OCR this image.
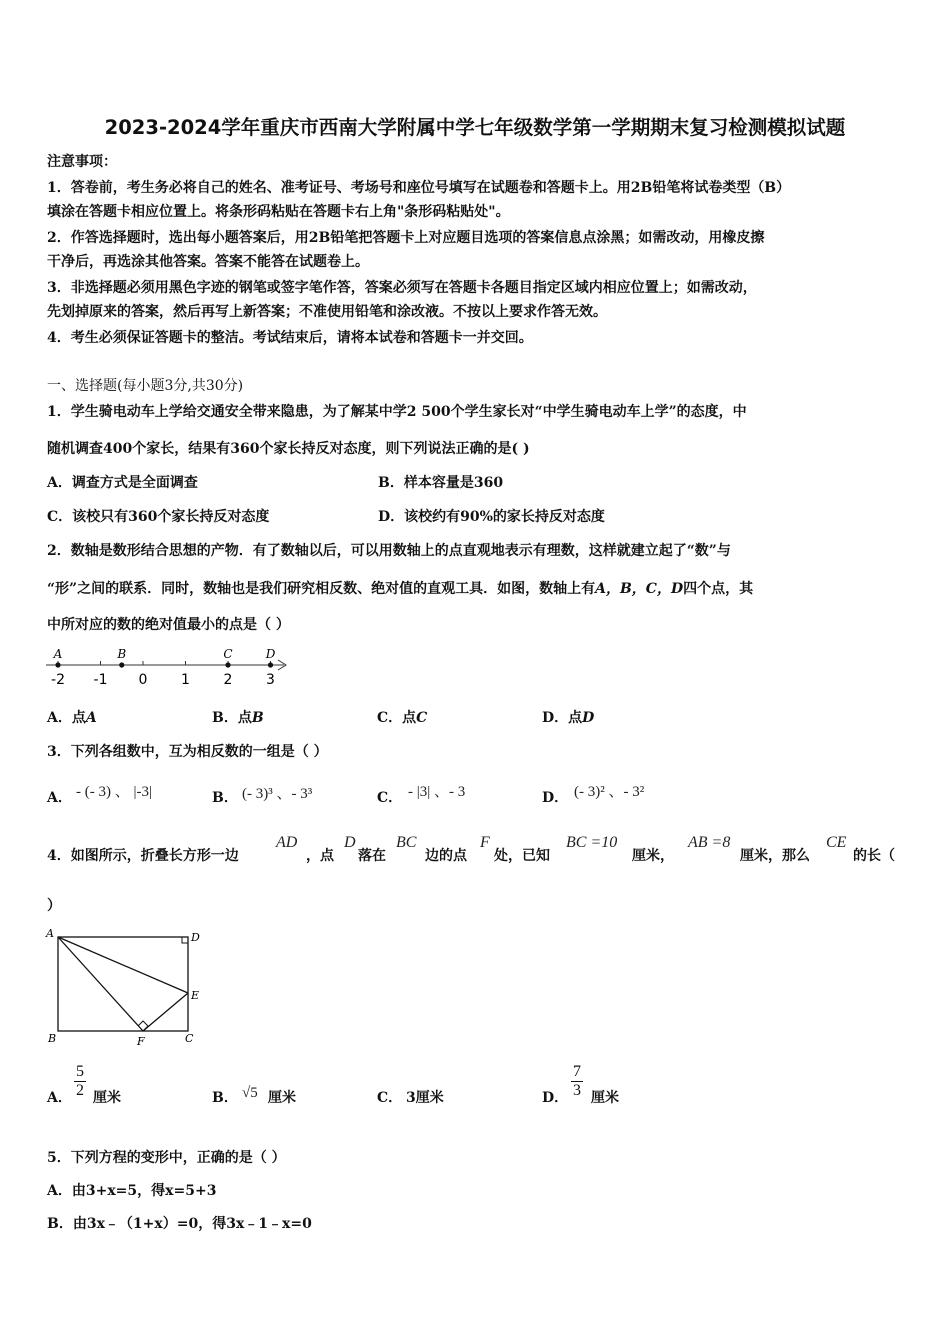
2023-2024学年重庆市西南大学附属中学七年级数学第一学期期末复习检测模拟试题
注意事项：
1．答卷前，考生务必将自己的姓名、准考证号、考场号和座位号填写在试题卷和答题卡上。用2B铅笔将试卷类型（B）
填涂在答题卡相应位置上。将条形码粘贴在答题卡右上角"条形码粘贴处"。
2．作答选择题时，选出每小题答案后，用2B铅笔把答题卡上对应题目选项的答案信息点涂黑；如需改动，用橡皮擦
干净后，再选涂其他答案。答案不能答在试题卷上。
3．非选择题必须用黑色字迹的钢笔或签字笔作答，答案必须写在答题卡各题目指定区域内相应位置上；如需改动，
先划掉原来的答案，然后再写上新答案；不准使用铅笔和涂改液。不按以上要求作答无效。
4．考生必须保证答题卡的整洁。考试结束后，请将本试卷和答题卡一并交回。
一、选择题(每小题3分,共30分)
1．学生骑电动车上学给交通安全带来隐患，为了解某中学2 500个学生家长对“中学生骑电动车上学”的态度，中
随机调查400个家长，结果有360个家长持反对态度，则下列说法正确的是( )
A．调查方式是全面调查	B．样本容量是360
C．该校只有360个家长持反对态度	D．该校约有90%的家长持反对态度
2．数轴是数形结合思想的产物．有了数轴以后，可以用数轴上的点直观地表示有理数，这样就建立起了“数”与
“形”之间的联系．同时，数轴也是我们研究相反数、绝对值的直观工具．如图，数轴上有A，B，C，D四个点，其
中所对应的数的绝对值最小的点是（ ）
-2 -1 0 1 2 3
A	B	C	D
A．点A	B．点B	C．点C	D．点D
3．下列各组数中，互为相反数的一组是（ ）
A． - (- 3) 、 |-3|	B． (- 3)³ 、- 3³	C． - |3| 、- 3	D． (- 3)² 、- 3²
4．如图所示，折叠长方形一边
AD
，点
D
落在
BC
边的点
F
处，已知
BC =10
厘米，
AB =8
厘米，那么
CE
的长（
）
A	D
E
B	F	C
A． $\frac{5}{2}$ 厘米	B． √5 厘米	C． 3厘米	D． $\frac{7}{3}$ 厘米
5．下列方程的变形中，正确的是（ ）
A．由3+x=5，得x=5+3
B．由3x﹣（1+x）=0，得3x﹣1﹣x=0
